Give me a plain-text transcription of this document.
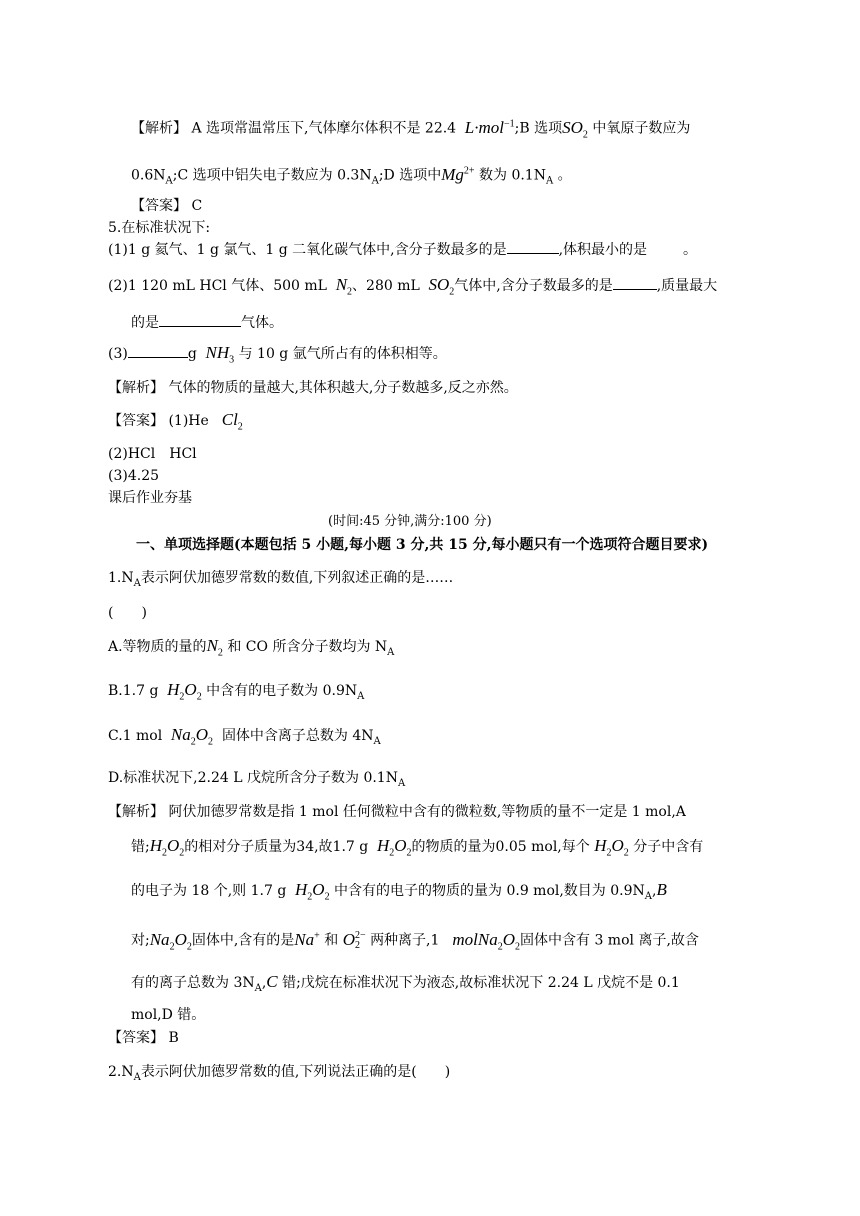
【解析】 A 选项常温常压下,气体摩尔体积不是 22.4 L·mol$^{-1}$;B 选项$SO_2$ 中氧原子数应为
$0.6N_A;C$ 选项中铝失电子数应为 $0.3N_A;D$ 选项中$Mg^{2+}$ 数为 $0.1N_A$ 。
【答案】 C
5.在标准状况下:
(1)1 g 氦气、1 g 氯气、1 g 二氧化碳气体中,含分子数最多的是	,体积最小的是	。
(2)1 120 mL HCl 气体、500 mL $N_2$、280 mL $SO_2$气体中,含分子数最多的是	,质量最大
的是	气体。
(3)	g $NH_3$ 与 10 g 氩气所占有的体积相等。
【解析】 气体的物质的量越大,其体积越大,分子数越多,反之亦然。
【答案】 (1)He $Cl_2$
(2)HCl　HCl
(3)4.25
课后作业夯基
(时间:45 分钟,满分:100 分)
一、单项选择题(本题包括 5 小题,每小题 3 分,共 15 分,每小题只有一个选项符合题目要求)
$1.N_A$表示阿伏加德罗常数的数值,下列叙述正确的是……
(　　)
A.等物质的量的$N_2$ 和 CO 所含分子数均为 $N_A$
B.1.7 g $H_2O_2$ 中含有的电子数为 $0.9N_A$
C.1 mol $Na_2O_2$ 固体中含离子总数为 $4N_A$
D.标准状况下,2.24 L 戊烷所含分子数为 $0.1N_A$
【解析】 阿伏加德罗常数是指 1 mol 任何微粒中含有的微粒数,等物质的量不一定是 1 mol,A
错$;H_2O_2$的相对分子质量为34,故1.7 g $H_2O_2$的物质的量为0.05 mol,每个 $H_2O_2$ 分子中含有
的电子为 18 个,则 1.7 g $H_2O_2$ 中含有的电子的物质的量为 0.9 mol,数目为 $0.9N_A,B$
对$;Na_2O_2$固体中,含有的是Na+ 和 O 2−
2 两种离子,1 $molNa_2O_2$固体中含有 3 mol 离子,故含
有的离子总数为 $3N_A,C$ 错;戊烷在标准状况下为液态,故标准状况下 2.24 L 戊烷不是 0.1
mol,D 错。
【答案】 B
$2.N_A$表示阿伏加德罗常数的值,下列说法正确的是(　　)
